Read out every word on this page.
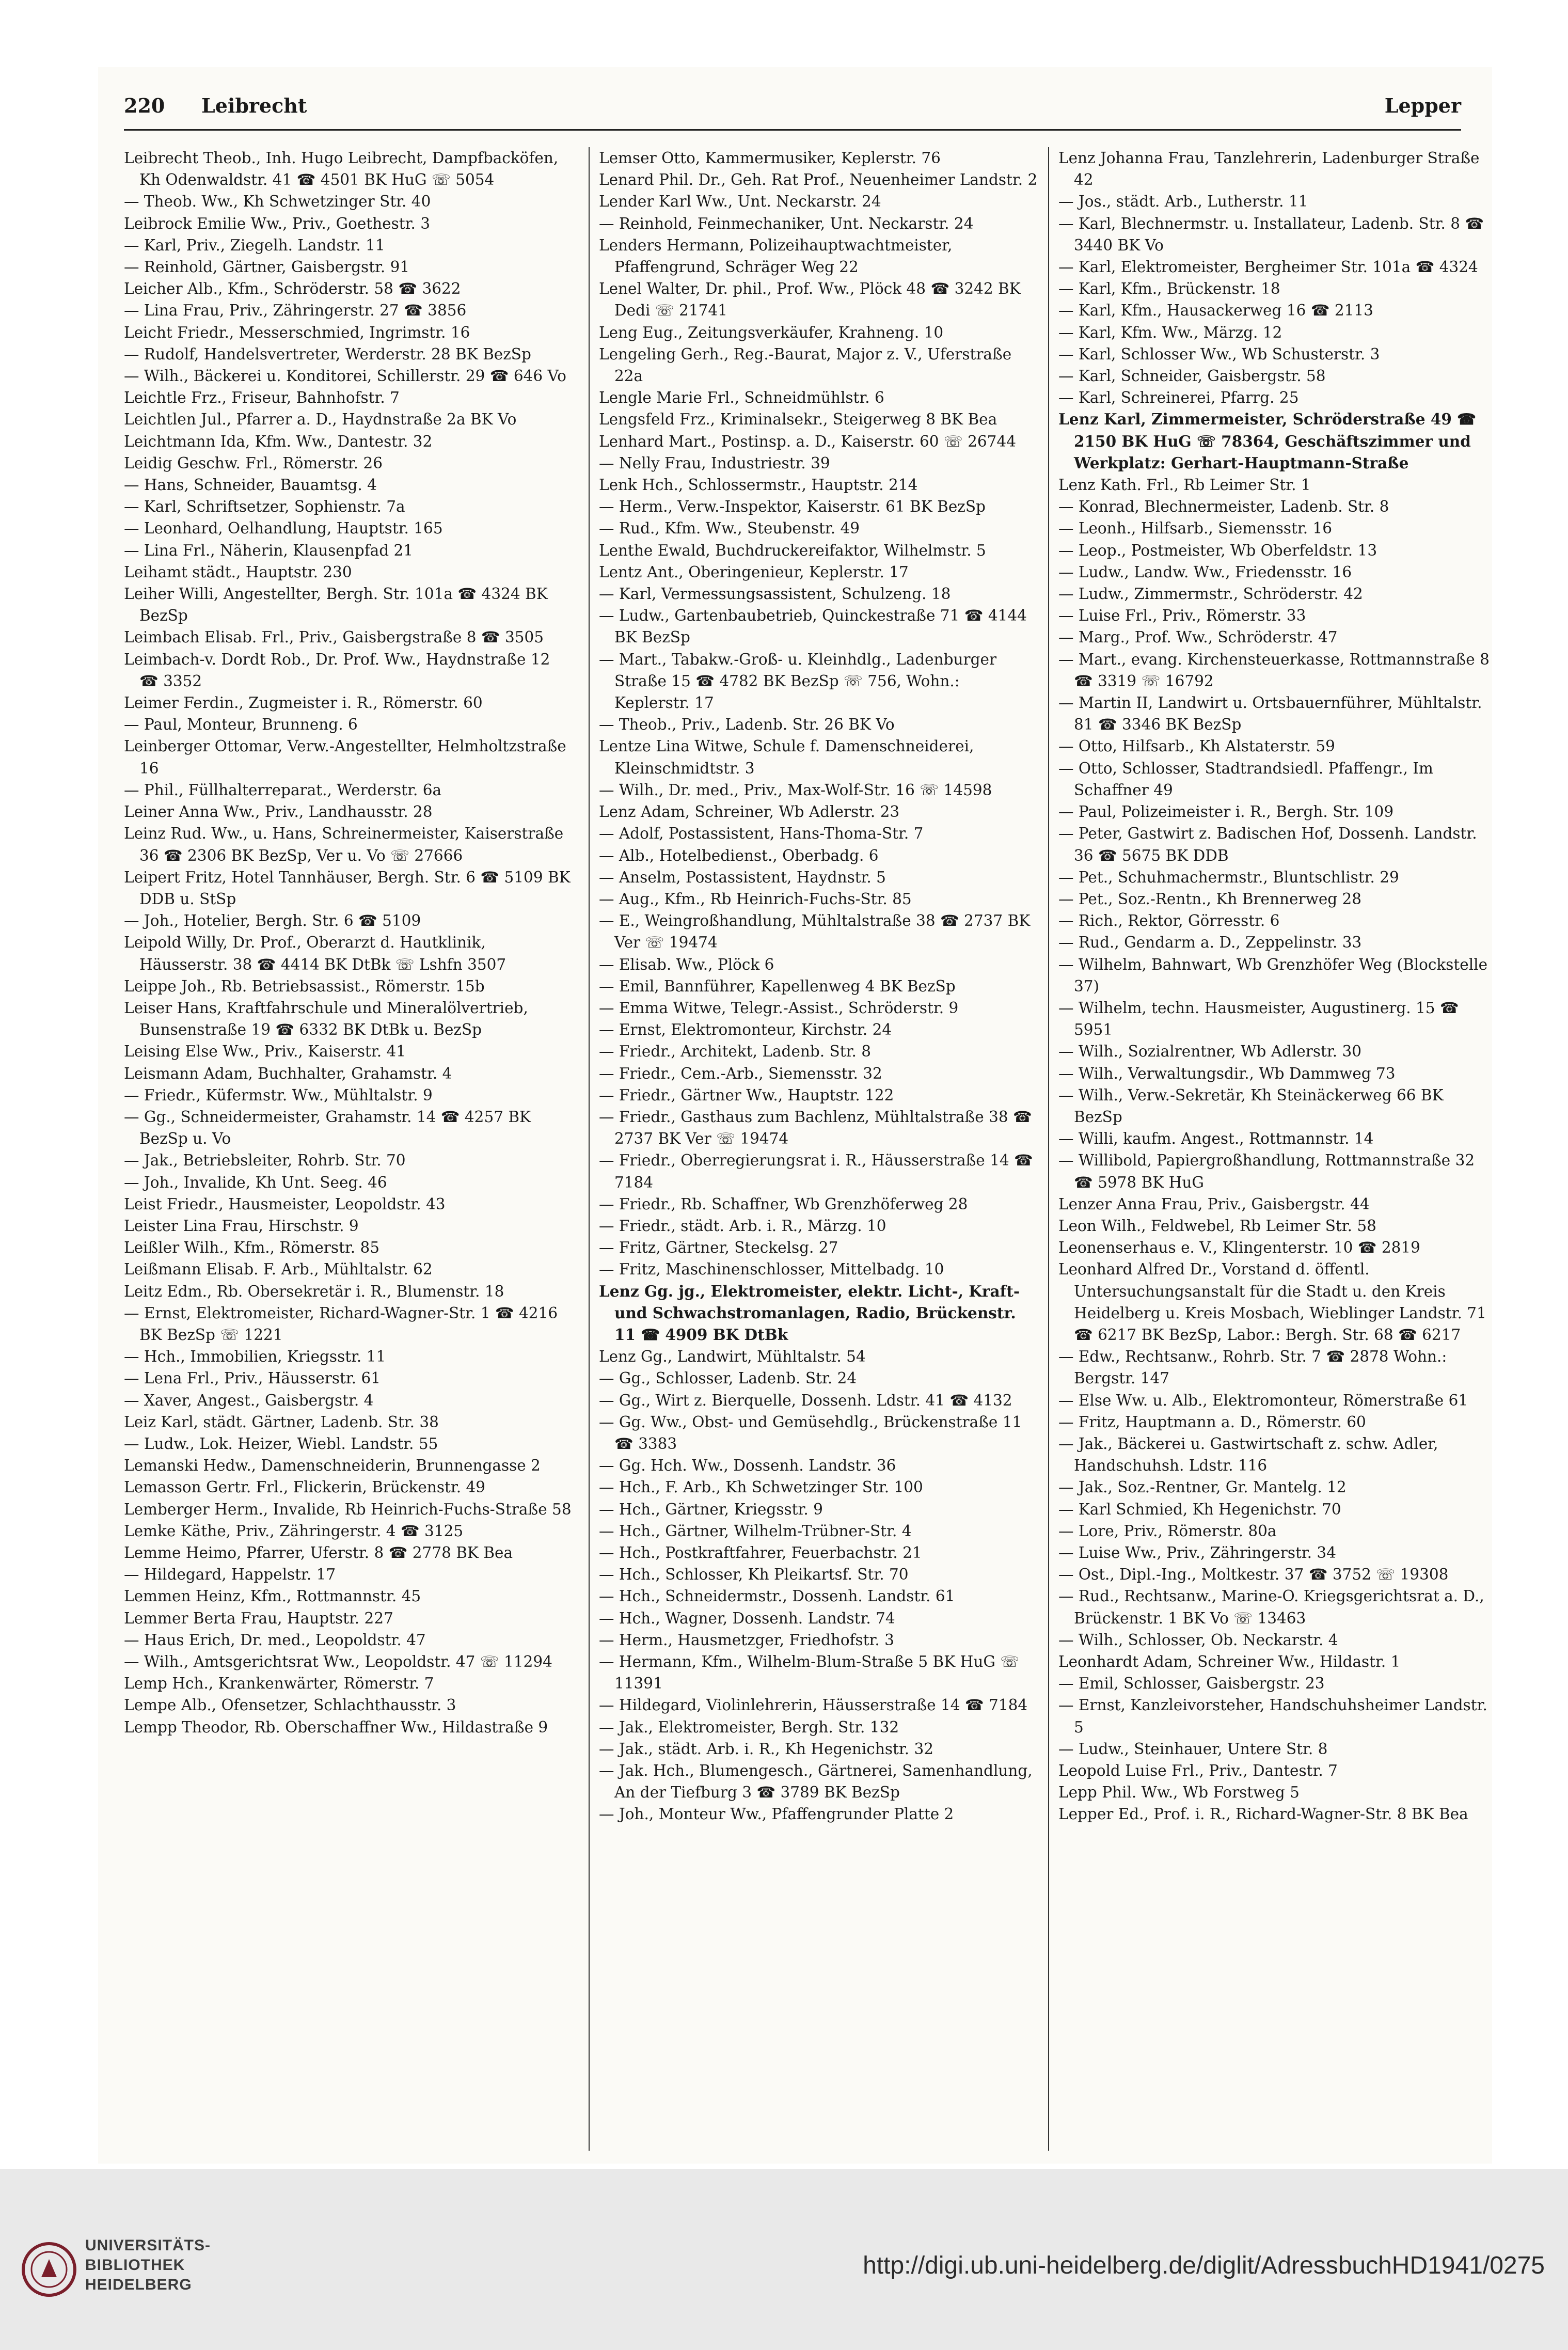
220 Leibrecht	Lepper

Leibrecht Theob., Inh. Hugo Leibrecht, Dampfbacköfen, Kh Odenwaldstr. 41 ☎ 4501 BK HuG ☏ 5054

— Theob. Ww., Kh Schwetzinger Str. 40

Leibrock Emilie Ww., Priv., Goethestr. 3

— Karl, Priv., Ziegelh. Landstr. 11

— Reinhold, Gärtner, Gaisbergstr. 91

Leicher Alb., Kfm., Schröderstr. 58 ☎ 3622

— Lina Frau, Priv., Zähringerstr. 27 ☎ 3856

Leicht Friedr., Messerschmied, Ingrimstr. 16

— Rudolf, Handelsvertreter, Werderstr. 28 BK BezSp

— Wilh., Bäckerei u. Konditorei, Schillerstr. 29 ☎ 646 Vo

Leichtle Frz., Friseur, Bahnhofstr. 7

Leichtlen Jul., Pfarrer a. D., Haydnstraße 2a BK Vo

Leichtmann Ida, Kfm. Ww., Dantestr. 32

Leidig Geschw. Frl., Römerstr. 26

— Hans, Schneider, Bauamtsg. 4

— Karl, Schriftsetzer, Sophienstr. 7a

— Leonhard, Oelhandlung, Hauptstr. 165

— Lina Frl., Näherin, Klausenpfad 21

Leihamt städt., Hauptstr. 230

Leiher Willi, Angestellter, Bergh. Str. 101a ☎ 4324 BK BezSp

Leimbach Elisab. Frl., Priv., Gaisbergstraße 8 ☎ 3505

Leimbach-v. Dordt Rob., Dr. Prof. Ww., Haydnstraße 12 ☎ 3352

Leimer Ferdin., Zugmeister i. R., Römerstr. 60

— Paul, Monteur, Brunneng. 6

Leinberger Ottomar, Verw.-Angestellter, Helmholtzstraße 16

— Phil., Füllhalterreparat., Werderstr. 6a

Leiner Anna Ww., Priv., Landhausstr. 28

Leinz Rud. Ww., u. Hans, Schreinermeister, Kaiserstraße 36 ☎ 2306 BK BezSp, Ver u. Vo ☏ 27666

Leipert Fritz, Hotel Tannhäuser, Bergh. Str. 6 ☎ 5109 BK DDB u. StSp

— Joh., Hotelier, Bergh. Str. 6 ☎ 5109

Leipold Willy, Dr. Prof., Oberarzt d. Hautklinik, Häusserstr. 38 ☎ 4414 BK DtBk ☏ Lshfn 3507

Leippe Joh., Rb. Betriebsassist., Römerstr. 15b

Leiser Hans, Kraftfahrschule und Mineralölvertrieb, Bunsenstraße 19 ☎ 6332 BK DtBk u. BezSp

Leising Else Ww., Priv., Kaiserstr. 41

Leismann Adam, Buchhalter, Grahamstr. 4

— Friedr., Küfermstr. Ww., Mühltalstr. 9

— Gg., Schneidermeister, Grahamstr. 14 ☎ 4257 BK BezSp u. Vo

— Jak., Betriebsleiter, Rohrb. Str. 70

— Joh., Invalide, Kh Unt. Seeg. 46

Leist Friedr., Hausmeister, Leopoldstr. 43

Leister Lina Frau, Hirschstr. 9

Leißler Wilh., Kfm., Römerstr. 85

Leißmann Elisab. F. Arb., Mühltalstr. 62

Leitz Edm., Rb. Obersekretär i. R., Blumenstr. 18

— Ernst, Elektromeister, Richard-Wagner-Str. 1 ☎ 4216 BK BezSp ☏ 1221

— Hch., Immobilien, Kriegsstr. 11

— Lena Frl., Priv., Häusserstr. 61

— Xaver, Angest., Gaisbergstr. 4

Leiz Karl, städt. Gärtner, Ladenb. Str. 38

— Ludw., Lok. Heizer, Wiebl. Landstr. 55

Lemanski Hedw., Damenschneiderin, Brunnengasse 2

Lemasson Gertr. Frl., Flickerin, Brückenstr. 49

Lemberger Herm., Invalide, Rb Heinrich-Fuchs-Straße 58

Lemke Käthe, Priv., Zähringerstr. 4 ☎ 3125

Lemme Heimo, Pfarrer, Uferstr. 8 ☎ 2778 BK Bea

— Hildegard, Happelstr. 17

Lemmen Heinz, Kfm., Rottmannstr. 45

Lemmer Berta Frau, Hauptstr. 227

— Haus Erich, Dr. med., Leopoldstr. 47

— Wilh., Amtsgerichtsrat Ww., Leopoldstr. 47 ☏ 11294

Lemp Hch., Krankenwärter, Römerstr. 7

Lempe Alb., Ofensetzer, Schlachthausstr. 3

Lempp Theodor, Rb. Oberschaffner Ww., Hildastraße 9

Lemser Otto, Kammermusiker, Keplerstr. 76

Lenard Phil. Dr., Geh. Rat Prof., Neuenheimer Landstr. 2

Lender Karl Ww., Unt. Neckarstr. 24

— Reinhold, Feinmechaniker, Unt. Neckarstr. 24

Lenders Hermann, Polizeihauptwachtmeister, Pfaffengrund, Schräger Weg 22

Lenel Walter, Dr. phil., Prof. Ww., Plöck 48 ☎ 3242 BK Dedi ☏ 21741

Leng Eug., Zeitungsverkäufer, Krahneng. 10

Lengeling Gerh., Reg.-Baurat, Major z. V., Uferstraße 22a

Lengle Marie Frl., Schneidmühlstr. 6

Lengsfeld Frz., Kriminalsekr., Steigerweg 8 BK Bea

Lenhard Mart., Postinsp. a. D., Kaiserstr. 60 ☏ 26744

— Nelly Frau, Industriestr. 39

Lenk Hch., Schlossermstr., Hauptstr. 214

— Herm., Verw.-Inspektor, Kaiserstr. 61 BK BezSp

— Rud., Kfm. Ww., Steubenstr. 49

Lenthe Ewald, Buchdruckereifaktor, Wilhelmstr. 5

Lentz Ant., Oberingenieur, Keplerstr. 17

— Karl, Vermessungsassistent, Schulzeng. 18

— Ludw., Gartenbaubetrieb, Quinckestraße 71 ☎ 4144 BK BezSp

— Mart., Tabakw.-Groß- u. Kleinhdlg., Ladenburger Straße 15 ☎ 4782 BK BezSp ☏ 756, Wohn.: Keplerstr. 17

— Theob., Priv., Ladenb. Str. 26 BK Vo

Lentze Lina Witwe, Schule f. Damenschneiderei, Kleinschmidtstr. 3

— Wilh., Dr. med., Priv., Max-Wolf-Str. 16 ☏ 14598

Lenz Adam, Schreiner, Wb Adlerstr. 23

— Adolf, Postassistent, Hans-Thoma-Str. 7

— Alb., Hotelbedienst., Oberbadg. 6

— Anselm, Postassistent, Haydnstr. 5

— Aug., Kfm., Rb Heinrich-Fuchs-Str. 85

— E., Weingroßhandlung, Mühltalstraße 38 ☎ 2737 BK Ver ☏ 19474

— Elisab. Ww., Plöck 6

— Emil, Bannführer, Kapellenweg 4 BK BezSp

— Emma Witwe, Telegr.-Assist., Schröderstr. 9

— Ernst, Elektromonteur, Kirchstr. 24

— Friedr., Architekt, Ladenb. Str. 8

— Friedr., Cem.-Arb., Siemensstr. 32

— Friedr., Gärtner Ww., Hauptstr. 122

— Friedr., Gasthaus zum Bachlenz, Mühltalstraße 38 ☎ 2737 BK Ver ☏ 19474

— Friedr., Oberregierungsrat i. R., Häusserstraße 14 ☎ 7184

— Friedr., Rb. Schaffner, Wb Grenzhöferweg 28

— Friedr., städt. Arb. i. R., Märzg. 10

— Fritz, Gärtner, Steckelsg. 27

— Fritz, Maschinenschlosser, Mittelbadg. 10

Lenz Gg. jg., Elektromeister, elektr. Licht-, Kraft- und Schwachstromanlagen, Radio, Brückenstr. 11 ☎ 4909 BK DtBk

Lenz Gg., Landwirt, Mühltalstr. 54

— Gg., Schlosser, Ladenb. Str. 24

— Gg., Wirt z. Bierquelle, Dossenh. Ldstr. 41 ☎ 4132

— Gg. Ww., Obst- und Gemüsehdlg., Brückenstraße 11 ☎ 3383

— Gg. Hch. Ww., Dossenh. Landstr. 36

— Hch., F. Arb., Kh Schwetzinger Str. 100

— Hch., Gärtner, Kriegsstr. 9

— Hch., Gärtner, Wilhelm-Trübner-Str. 4

— Hch., Postkraftfahrer, Feuerbachstr. 21

— Hch., Schlosser, Kh Pleikartsf. Str. 70

— Hch., Schneidermstr., Dossenh. Landstr. 61

— Hch., Wagner, Dossenh. Landstr. 74

— Herm., Hausmetzger, Friedhofstr. 3

— Hermann, Kfm., Wilhelm-Blum-Straße 5 BK HuG ☏ 11391

— Hildegard, Violinlehrerin, Häusserstraße 14 ☎ 7184

— Jak., Elektromeister, Bergh. Str. 132

— Jak., städt. Arb. i. R., Kh Hegenichstr. 32

— Jak. Hch., Blumengesch., Gärtnerei, Samenhandlung, An der Tiefburg 3 ☎ 3789 BK BezSp

— Joh., Monteur Ww., Pfaffengrunder Platte 2

Lenz Johanna Frau, Tanzlehrerin, Ladenburger Straße 42

— Jos., städt. Arb., Lutherstr. 11

— Karl, Blechnermstr. u. Installateur, Ladenb. Str. 8 ☎ 3440 BK Vo

— Karl, Elektromeister, Bergheimer Str. 101a ☎ 4324

— Karl, Kfm., Brückenstr. 18

— Karl, Kfm., Hausackerweg 16 ☎ 2113

— Karl, Kfm. Ww., Märzg. 12

— Karl, Schlosser Ww., Wb Schusterstr. 3

— Karl, Schneider, Gaisbergstr. 58

— Karl, Schreinerei, Pfarrg. 25

Lenz Karl, Zimmermeister, Schröderstraße 49 ☎ 2150 BK HuG ☏ 78364, Geschäftszimmer und Werkplatz: Gerhart-Hauptmann-Straße

Lenz Kath. Frl., Rb Leimer Str. 1

— Konrad, Blechnermeister, Ladenb. Str. 8

— Leonh., Hilfsarb., Siemensstr. 16

— Leop., Postmeister, Wb Oberfeldstr. 13

— Ludw., Landw. Ww., Friedensstr. 16

— Ludw., Zimmermstr., Schröderstr. 42

— Luise Frl., Priv., Römerstr. 33

— Marg., Prof. Ww., Schröderstr. 47

— Mart., evang. Kirchensteuerkasse, Rottmannstraße 8 ☎ 3319 ☏ 16792

— Martin II, Landwirt u. Ortsbauernführer, Mühltalstr. 81 ☎ 3346 BK BezSp

— Otto, Hilfsarb., Kh Alstaterstr. 59

— Otto, Schlosser, Stadtrandsiedl. Pfaffengr., Im Schaffner 49

— Paul, Polizeimeister i. R., Bergh. Str. 109

— Peter, Gastwirt z. Badischen Hof, Dossenh. Landstr. 36 ☎ 5675 BK DDB

— Pet., Schuhmachermstr., Bluntschlistr. 29

— Pet., Soz.-Rentn., Kh Brennerweg 28

— Rich., Rektor, Görresstr. 6

— Rud., Gendarm a. D., Zeppelinstr. 33

— Wilhelm, Bahnwart, Wb Grenzhöfer Weg (Blockstelle 37)

— Wilhelm, techn. Hausmeister, Augustinerg. 15 ☎ 5951

— Wilh., Sozialrentner, Wb Adlerstr. 30

— Wilh., Verwaltungsdir., Wb Dammweg 73

— Wilh., Verw.-Sekretär, Kh Steinäckerweg 66 BK BezSp

— Willi, kaufm. Angest., Rottmannstr. 14

— Willibold, Papiergroßhandlung, Rottmannstraße 32 ☎ 5978 BK HuG

Lenzer Anna Frau, Priv., Gaisbergstr. 44

Leon Wilh., Feldwebel, Rb Leimer Str. 58

Leonenserhaus e. V., Klingenterstr. 10 ☎ 2819

Leonhard Alfred Dr., Vorstand d. öffentl. Untersuchungsanstalt für die Stadt u. den Kreis Heidelberg u. Kreis Mosbach, Wieblinger Landstr. 71 ☎ 6217 BK BezSp, Labor.: Bergh. Str. 68 ☎ 6217

— Edw., Rechtsanw., Rohrb. Str. 7 ☎ 2878 Wohn.: Bergstr. 147

— Else Ww. u. Alb., Elektromonteur, Römerstraße 61

— Fritz, Hauptmann a. D., Römerstr. 60

— Jak., Bäckerei u. Gastwirtschaft z. schw. Adler, Handschuhsh. Ldstr. 116

— Jak., Soz.-Rentner, Gr. Mantelg. 12

— Karl Schmied, Kh Hegenichstr. 70

— Lore, Priv., Römerstr. 80a

— Luise Ww., Priv., Zähringerstr. 34

— Ost., Dipl.-Ing., Moltkestr. 37 ☎ 3752 ☏ 19308

— Rud., Rechtsanw., Marine-O. Kriegsgerichtsrat a. D., Brückenstr. 1 BK Vo ☏ 13463

— Wilh., Schlosser, Ob. Neckarstr. 4

Leonhardt Adam, Schreiner Ww., Hildastr. 1

— Emil, Schlosser, Gaisbergstr. 23

— Ernst, Kanzleivorsteher, Handschuhsheimer Landstr. 5

— Ludw., Steinhauer, Untere Str. 8

Leopold Luise Frl., Priv., Dantestr. 7

Lepp Phil. Ww., Wb Forstweg 5

Lepper Ed., Prof. i. R., Richard-Wagner-Str. 8 BK Bea

UNIVERSITÄTS-
BIBLIOTHEK
HEIDELBERG
http://digi.ub.uni-heidelberg.de/diglit/AdressbuchHD1941/0275
